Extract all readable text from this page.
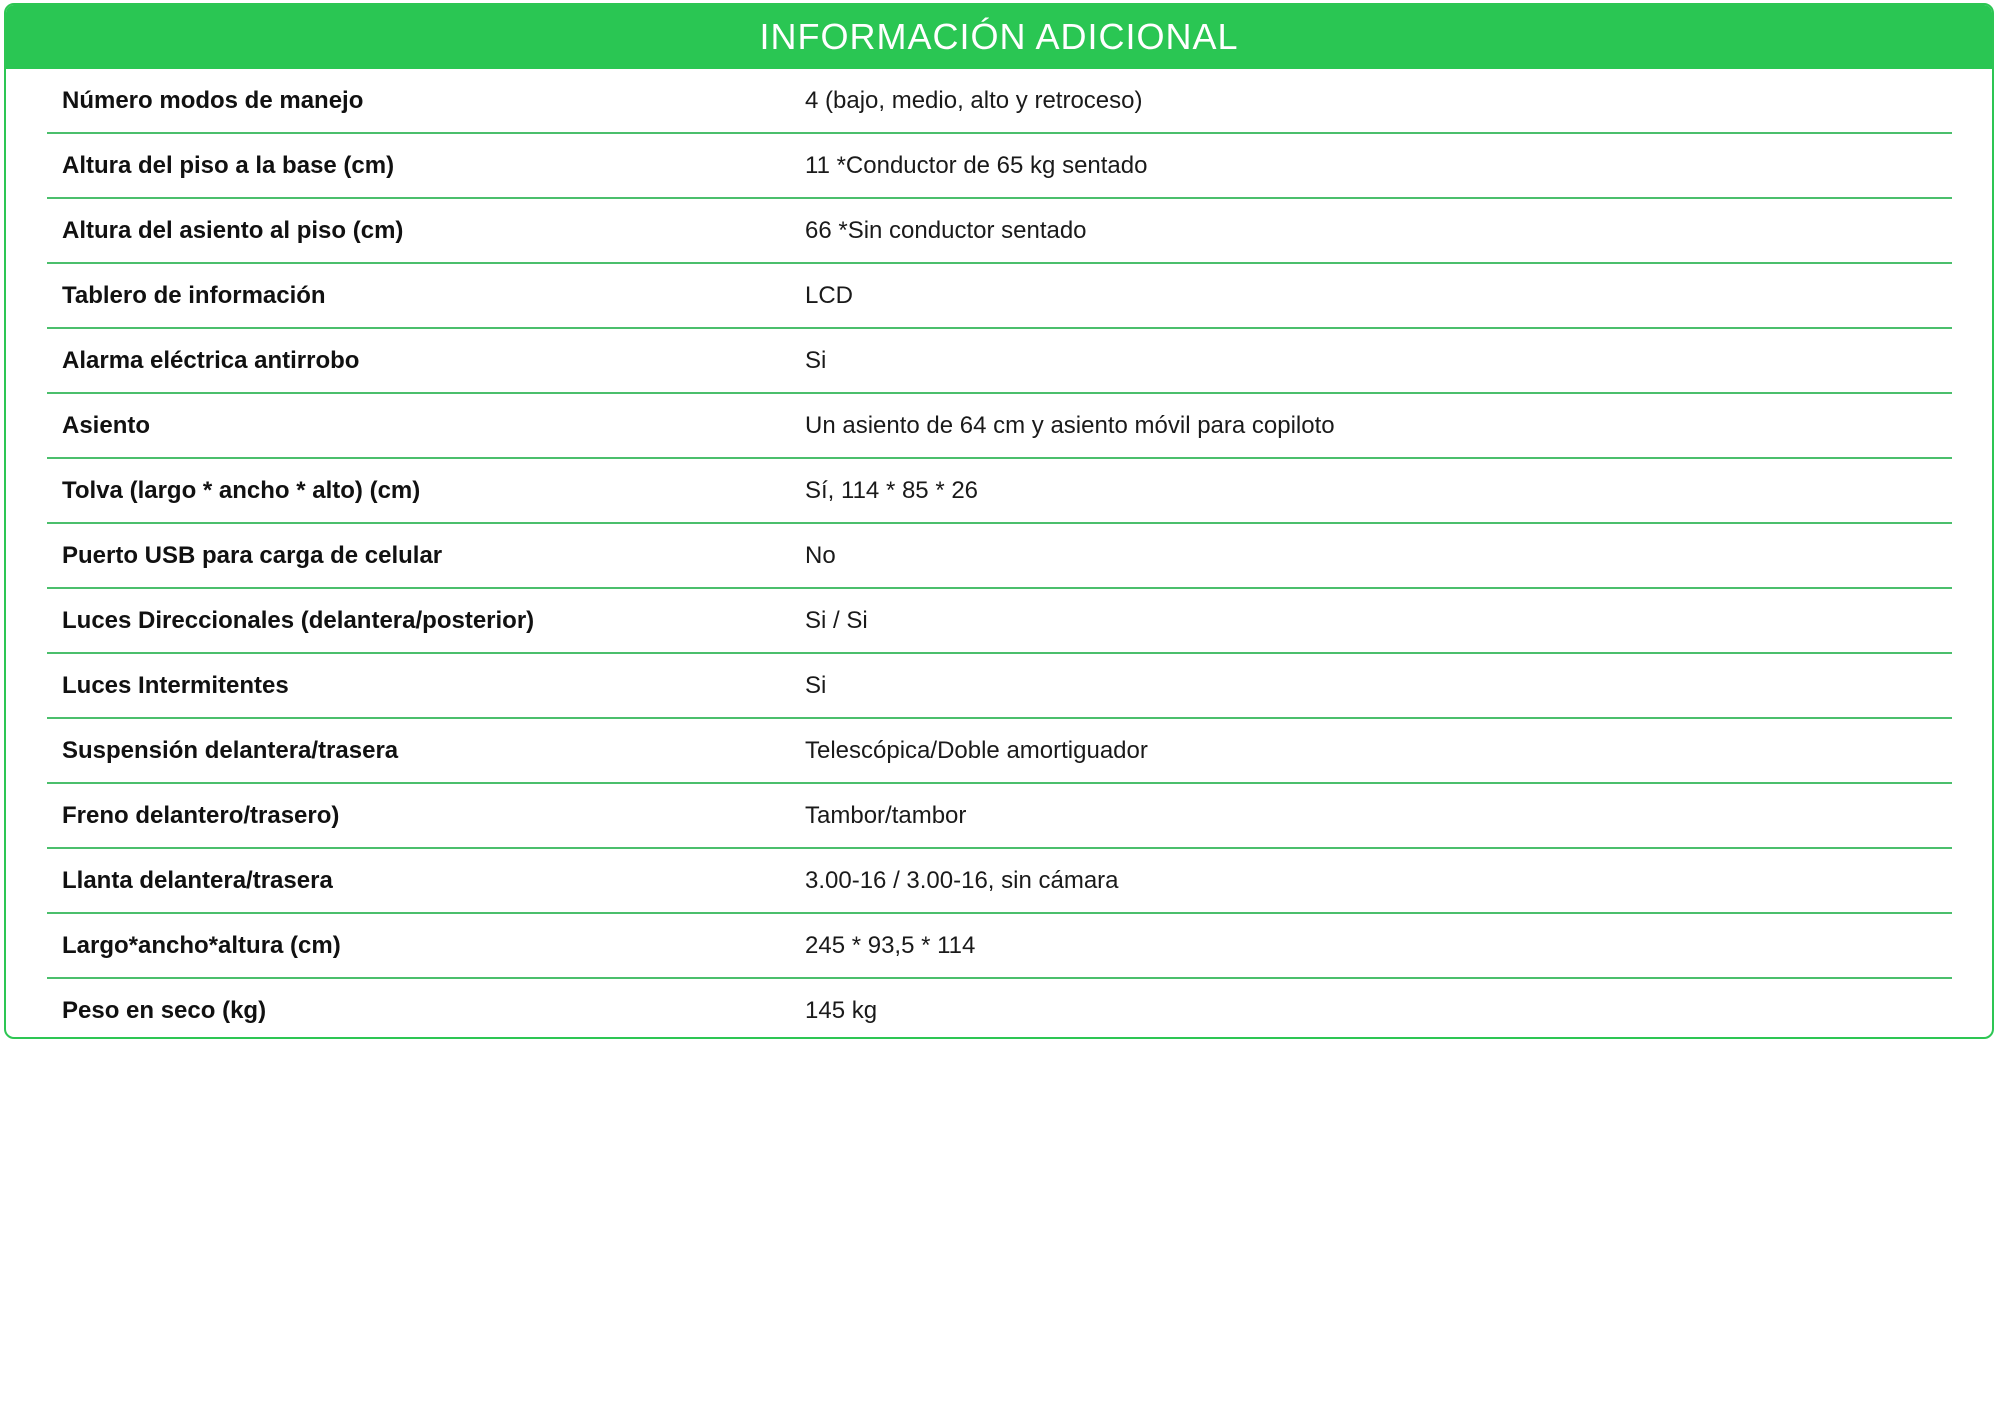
INFORMACIÓN ADICIONAL
Número modos de manejo	4 (bajo, medio, alto y retroceso)
Altura del piso a la base (cm)	11 *Conductor de 65 kg sentado
Altura del asiento al piso (cm)	66 *Sin conductor sentado
Tablero de información	LCD
Alarma eléctrica antirrobo	Si
Asiento	Un asiento de 64 cm y asiento móvil para copiloto
Tolva (largo * ancho * alto) (cm)	Sí, 114 * 85 * 26
Puerto USB para carga de celular	No
Luces Direccionales (delantera/posterior)	Si / Si
Luces Intermitentes	Si
Suspensión delantera/trasera	Telescópica/Doble amortiguador
Freno delantero/trasero)	Tambor/tambor
Llanta delantera/trasera	3.00-16 / 3.00-16, sin cámara
Largo*ancho*altura (cm)	245 * 93,5 * 114
Peso en seco (kg)	145 kg
